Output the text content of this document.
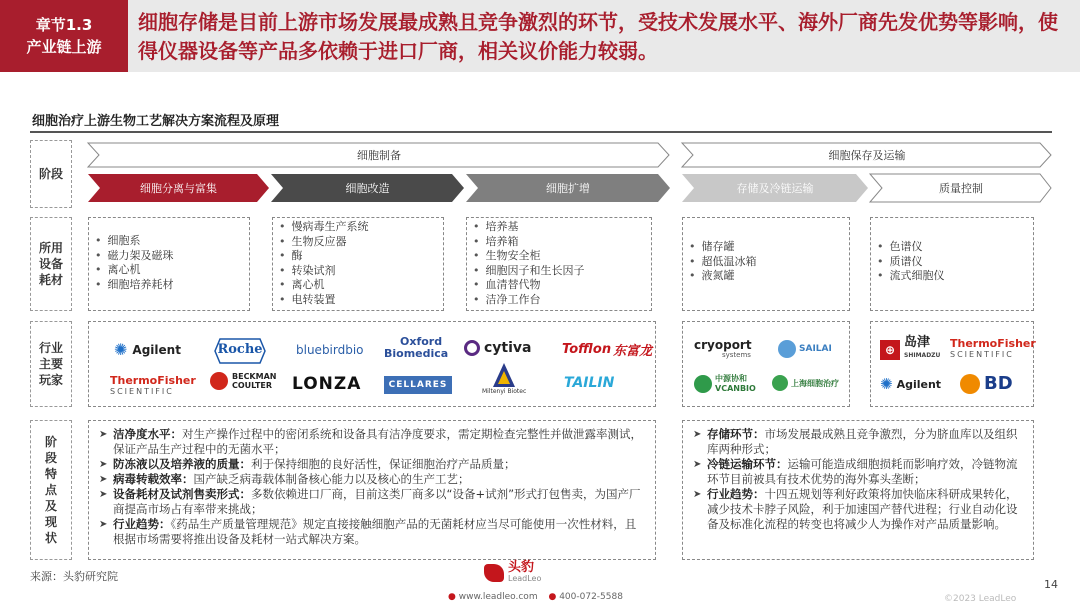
章节1.3
产业链上游
细胞存储是目前上游市场发展最成熟且竞争激烈的环节，受技术发展水平、海外厂商先发优势等影响，使得仪器设备等产品多依赖于进口厂商，相关议价能力较弱。
细胞治疗上游生物工艺解决方案流程及原理
阶段
所用设备耗材
行业主要玩家
阶段特点及现状
细胞制备	细胞保存及运输
细胞分离与富集	细胞改造	细胞扩增	存储及冷链运输	质量控制
• 细胞系
• 磁力架及磁珠
• 离心机
• 细胞培养耗材
• 慢病毒生产系统
• 生物反应器
• 酶
• 转染试剂
• 离心机
• 电转装置
• 培养基
• 培养箱
• 生物安全柜
• 细胞因子和生长因子
• 血清替代物
• 洁净工作台
• 储存罐
• 超低温冰箱
• 液氮罐
• 色谱仪
• 质谱仪
• 流式细胞仪
✺ Agilent	Roche	bluebirdbio
Oxford
Biomedica	cytiva Tofflon 东富龙
ThermoFisher
SCIENTIFIC
BECKMAN
COULTER LONZA	CELLARES
Miltenyi Biotec
TAILIN
cryoport
systems
SAILAI
中源协和
VCANBIO
上海细胞治疗
⊕ 岛津
SHIMADZU
ThermoFisher
SCIENTIFIC
✺ Agilent BD
➤ 洁净度水平：对生产操作过程中的密闭系统和设备具有洁净度要求，需定期检查完整性并做泄露率测试，保证产品生产过程中的无菌水平；
➤ 防冻液以及培养液的质量：利于保持细胞的良好活性，保证细胞治疗产品质量；
➤ 病毒转载效率：国产缺乏病毒载体制备核心能力以及核心的生产工艺；
➤ 设备耗材及试剂售卖形式：多数依赖进口厂商，目前这类厂商多以“设备+试剂”形式打包售卖，为国产厂商提高市场占有率带来挑战；
➤ 行业趋势：《药品生产质量管理规范》规定直接接触细胞产品的无菌耗材应当尽可能使用一次性材料，且根据市场需要将推出设备及耗材一站式解决方案。
➤ 存储环节：市场发展最成熟且竞争激烈，分为脐血库以及组织库两种形式；
➤ 冷链运输环节：运输可能造成细胞损耗而影响疗效，冷链物流环节目前被具有技术优势的海外寡头垄断；
➤ 行业趋势：十四五规划等利好政策将加快临床科研成果转化，减少技术卡脖子风险，利于加速国产替代进程；行业自动化设备及标准化流程的转变也将减少人为操作对产品质量影响。
来源：头豹研究院
头豹
LeadLeo
● www.leadleo.com ● 400-072-5588
14
©2023 LeadLeo
